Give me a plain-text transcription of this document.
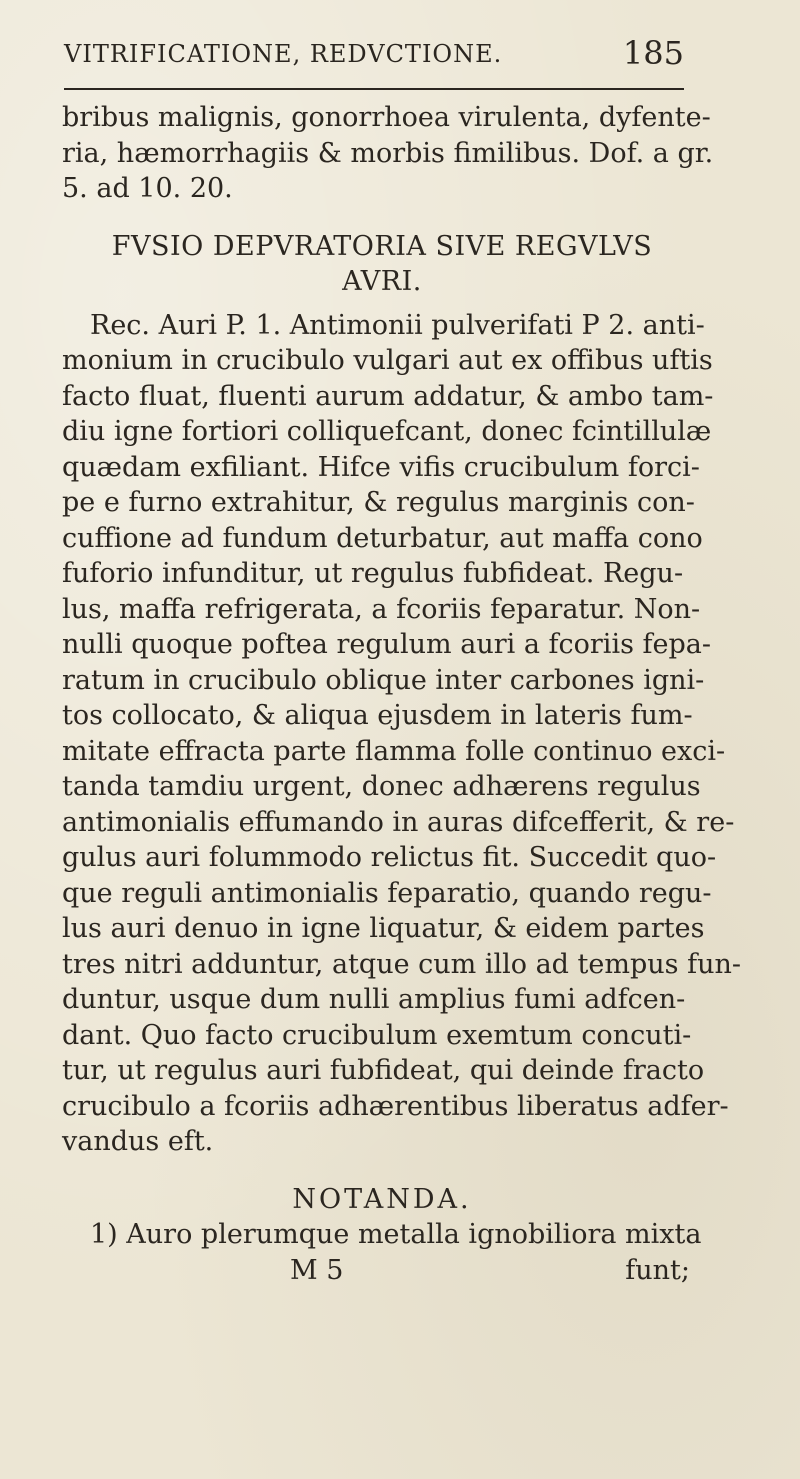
VITRIFICATIONE, REDVCTIONE.	185
bribus malignis, gonorrhoea virulenta, dyfente-
ria, hæmorrhagiis & morbis fimilibus. Dof. a gr.
5. ad 10. 20.
FVSIO DEPVRATORIA SIVE REGVLVS
AVRI.
Rec. Auri P. 1. Antimonii pulverifati P 2. anti-
monium in crucibulo vulgari aut ex offibus uftis
facto fluat, fluenti aurum addatur, & ambo tam-
diu igne fortiori colliquefcant, donec fcintillulæ
quædam exfiliant. Hifce vifis crucibulum forci-
pe e furno extrahitur, & regulus marginis con-
cuffione ad fundum deturbatur, aut maffa cono
fuforio infunditur, ut regulus fubfideat. Regu-
lus, maffa refrigerata, a fcoriis feparatur. Non-
nulli quoque poftea regulum auri a fcoriis fepa-
ratum in crucibulo oblique inter carbones igni-
tos collocato, & aliqua ejusdem in lateris fum-
mitate effracta parte flamma folle continuo exci-
tanda tamdiu urgent, donec adhærens regulus
antimonialis effumando in auras difcefferit, & re-
gulus auri folummodo relictus fit. Succedit quo-
que reguli antimonialis feparatio, quando regu-
lus auri denuo in igne liquatur, & eidem partes
tres nitri adduntur, atque cum illo ad tempus fun-
duntur, usque dum nulli amplius fumi adfcen-
dant. Quo facto crucibulum exemtum concuti-
tur, ut regulus auri fubfideat, qui deinde fracto
crucibulo a fcoriis adhærentibus liberatus adfer-
vandus eft.
NOTANDA.
1) Auro plerumque metalla ignobiliora mixta
M 5	funt;
